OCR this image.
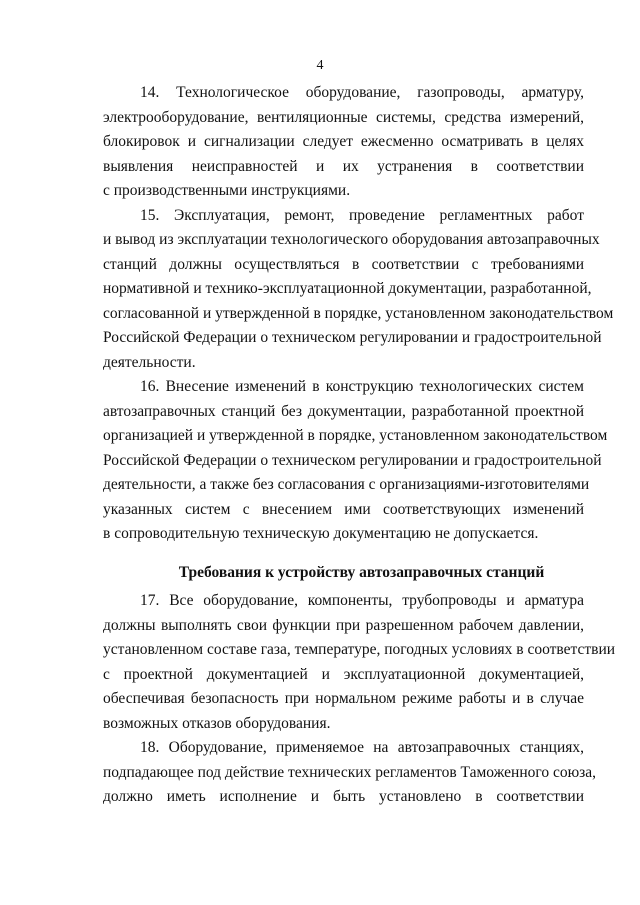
4
14. Технологическое оборудование, газопроводы, арматуру,
электрооборудование, вентиляционные системы, средства измерений,
блокировок и сигнализации следует ежесменно осматривать в целях
выявления неисправностей и их устранения в соответствии
с производственными инструкциями.
15. Эксплуатация, ремонт, проведение регламентных работ
и вывод из эксплуатации технологического оборудования автозаправочных
станций должны осуществляться в соответствии с требованиями
нормативной и технико-эксплуатационной документации, разработанной,
согласованной и утвержденной в порядке, установленном законодательством
Российской Федерации о техническом регулировании и градостроительной
деятельности.
16. Внесение изменений в конструкцию технологических систем
автозаправочных станций без документации, разработанной проектной
организацией и утвержденной в порядке, установленном законодательством
Российской Федерации о техническом регулировании и градостроительной
деятельности, а также без согласования с организациями-изготовителями
указанных систем с внесением ими соответствующих изменений
в сопроводительную техническую документацию не допускается.
Требования к устройству автозаправочных станций
17. Все оборудование, компоненты, трубопроводы и арматура
должны выполнять свои функции при разрешенном рабочем давлении,
установленном составе газа, температуре, погодных условиях в соответствии
с проектной документацией и эксплуатационной документацией,
обеспечивая безопасность при нормальном режиме работы и в случае
возможных отказов оборудования.
18. Оборудование, применяемое на автозаправочных станциях,
подпадающее под действие технических регламентов Таможенного союза,
должно иметь исполнение и быть установлено в соответствии
